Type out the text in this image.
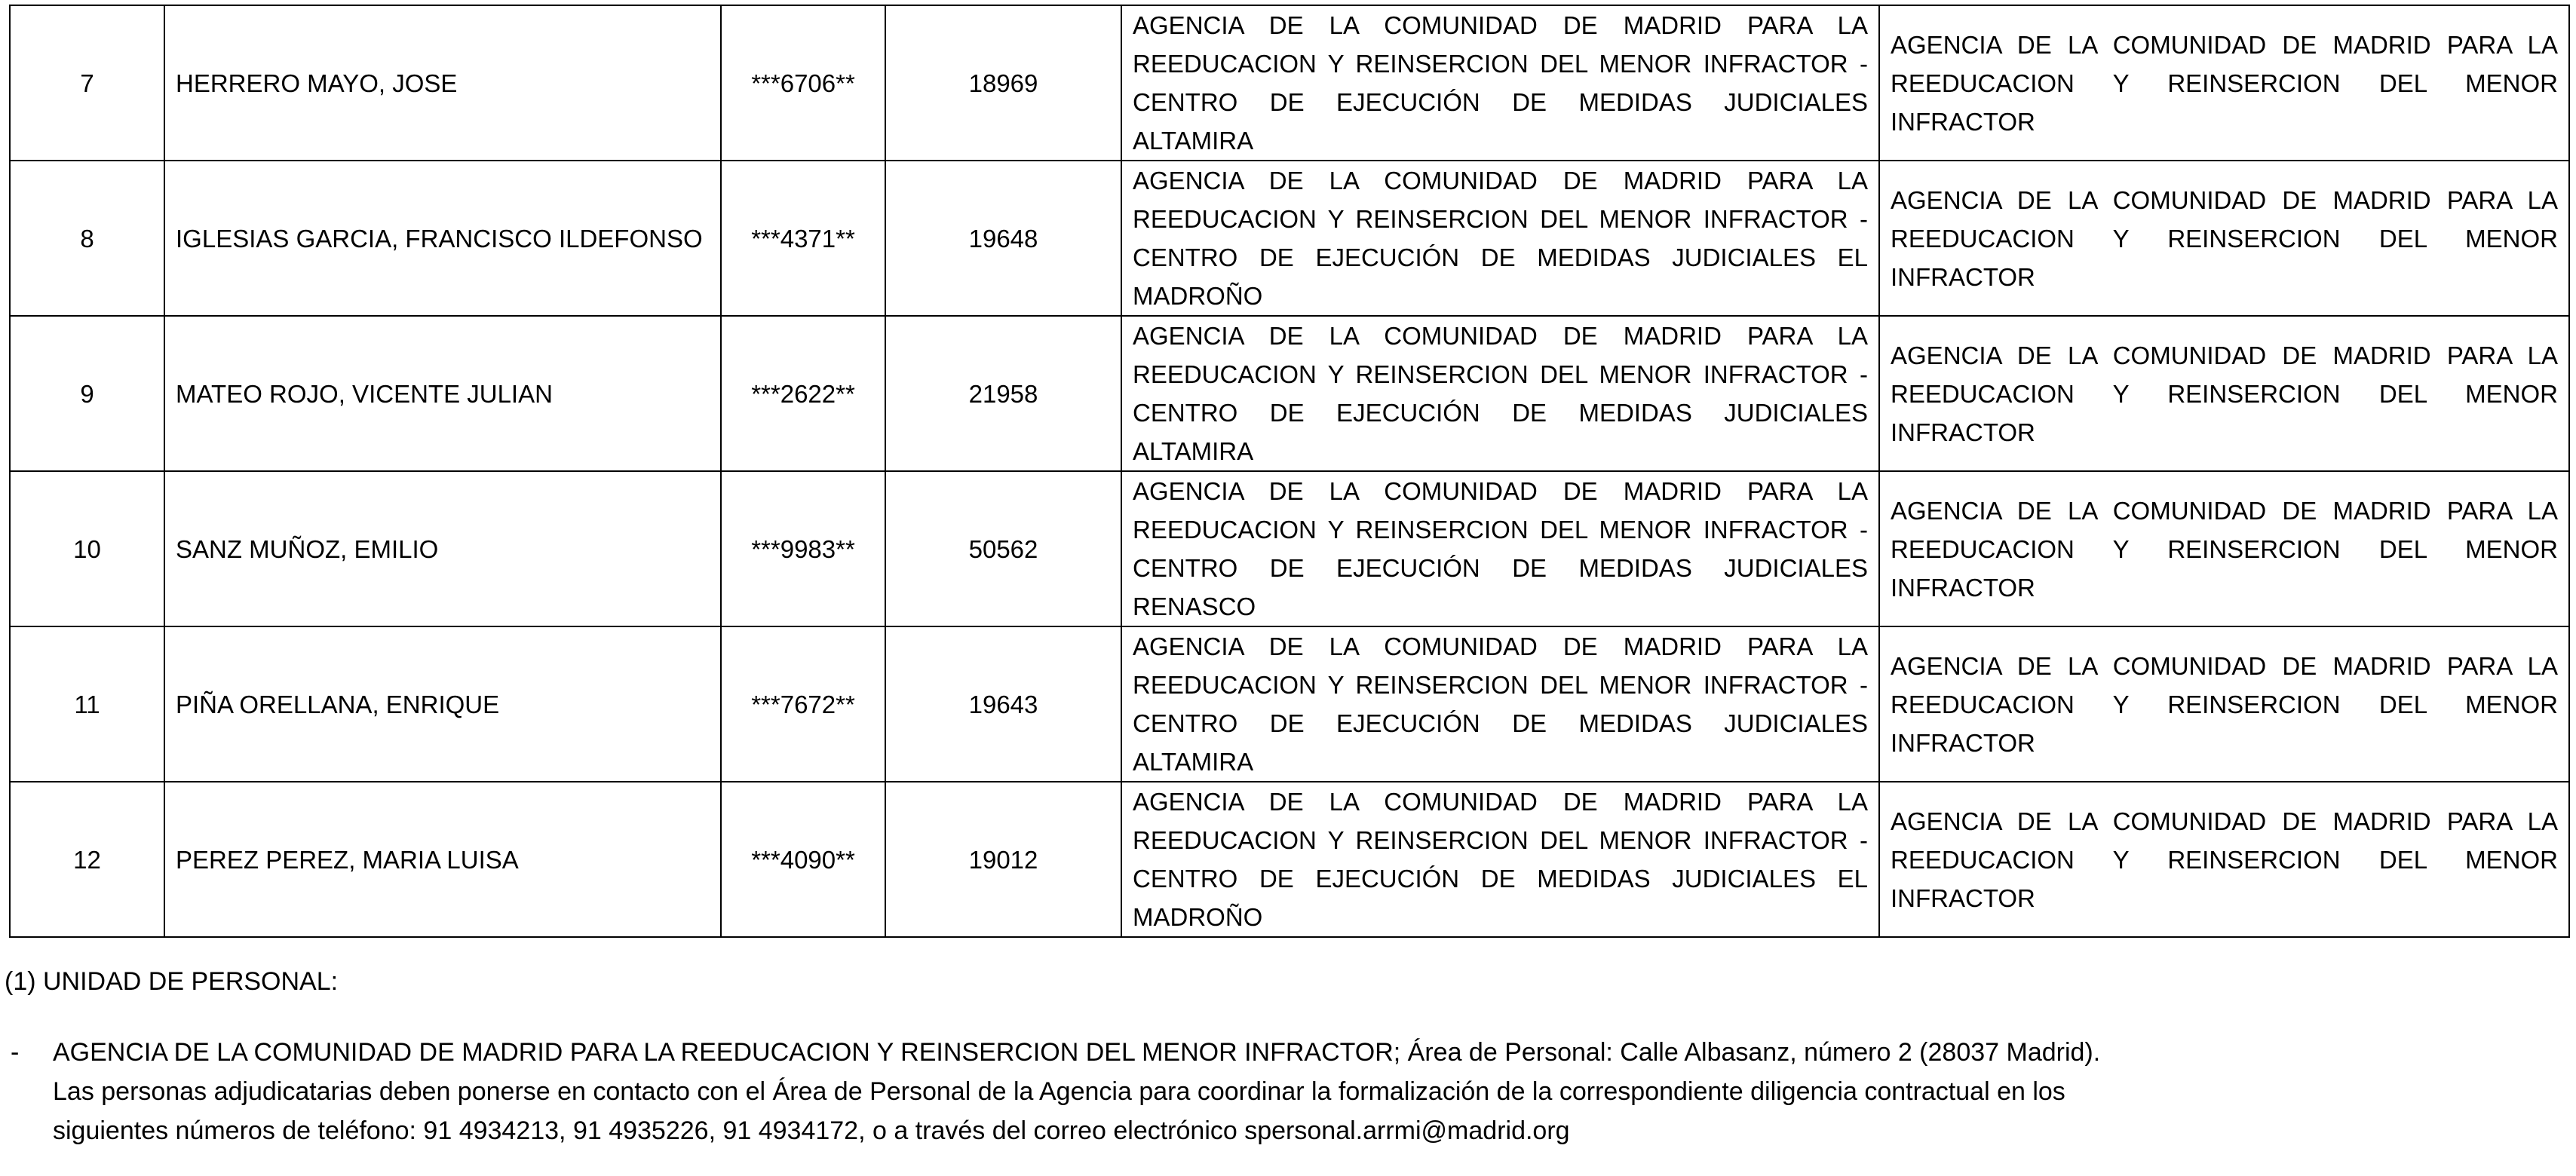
7	HERRERO MAYO, JOSE	***6706**	18969	AGENCIA DE LA COMUNIDAD DE MADRID PARA LA REEDUCACION Y REINSERCION DEL MENOR INFRACTOR - CENTRO DE EJECUCIÓN DE MEDIDAS JUDICIALES ALTAMIRA	AGENCIA DE LA COMUNIDAD DE MADRID PARA LA REEDUCACION Y REINSERCION DEL MENOR INFRACTOR
8	IGLESIAS GARCIA, FRANCISCO ILDEFONSO	***4371**	19648	AGENCIA DE LA COMUNIDAD DE MADRID PARA LA REEDUCACION Y REINSERCION DEL MENOR INFRACTOR - CENTRO DE EJECUCIÓN DE MEDIDAS JUDICIALES EL MADROÑO	AGENCIA DE LA COMUNIDAD DE MADRID PARA LA REEDUCACION Y REINSERCION DEL MENOR INFRACTOR
9	MATEO ROJO, VICENTE JULIAN	***2622**	21958	AGENCIA DE LA COMUNIDAD DE MADRID PARA LA REEDUCACION Y REINSERCION DEL MENOR INFRACTOR - CENTRO DE EJECUCIÓN DE MEDIDAS JUDICIALES ALTAMIRA	AGENCIA DE LA COMUNIDAD DE MADRID PARA LA REEDUCACION Y REINSERCION DEL MENOR INFRACTOR
10	SANZ MUÑOZ, EMILIO	***9983**	50562	AGENCIA DE LA COMUNIDAD DE MADRID PARA LA REEDUCACION Y REINSERCION DEL MENOR INFRACTOR - CENTRO DE EJECUCIÓN DE MEDIDAS JUDICIALES RENASCO	AGENCIA DE LA COMUNIDAD DE MADRID PARA LA REEDUCACION Y REINSERCION DEL MENOR INFRACTOR
11	PIÑA ORELLANA, ENRIQUE	***7672**	19643	AGENCIA DE LA COMUNIDAD DE MADRID PARA LA REEDUCACION Y REINSERCION DEL MENOR INFRACTOR - CENTRO DE EJECUCIÓN DE MEDIDAS JUDICIALES ALTAMIRA	AGENCIA DE LA COMUNIDAD DE MADRID PARA LA REEDUCACION Y REINSERCION DEL MENOR INFRACTOR
12	PEREZ PEREZ, MARIA LUISA	***4090**	19012	AGENCIA DE LA COMUNIDAD DE MADRID PARA LA REEDUCACION Y REINSERCION DEL MENOR INFRACTOR - CENTRO DE EJECUCIÓN DE MEDIDAS JUDICIALES EL MADROÑO	AGENCIA DE LA COMUNIDAD DE MADRID PARA LA REEDUCACION Y REINSERCION DEL MENOR INFRACTOR
(1) UNIDAD DE PERSONAL:
- AGENCIA DE LA COMUNIDAD DE MADRID PARA LA REEDUCACION Y REINSERCION DEL MENOR INFRACTOR; Área de Personal: Calle Albasanz, número 2 (28037 Madrid).
Las personas adjudicatarias deben ponerse en contacto con el Área de Personal de la Agencia para coordinar la formalización de la correspondiente diligencia contractual en los
siguientes números de teléfono: 91 4934213, 91 4935226, 91 4934172, o a través del correo electrónico spersonal.arrmi@madrid.org
